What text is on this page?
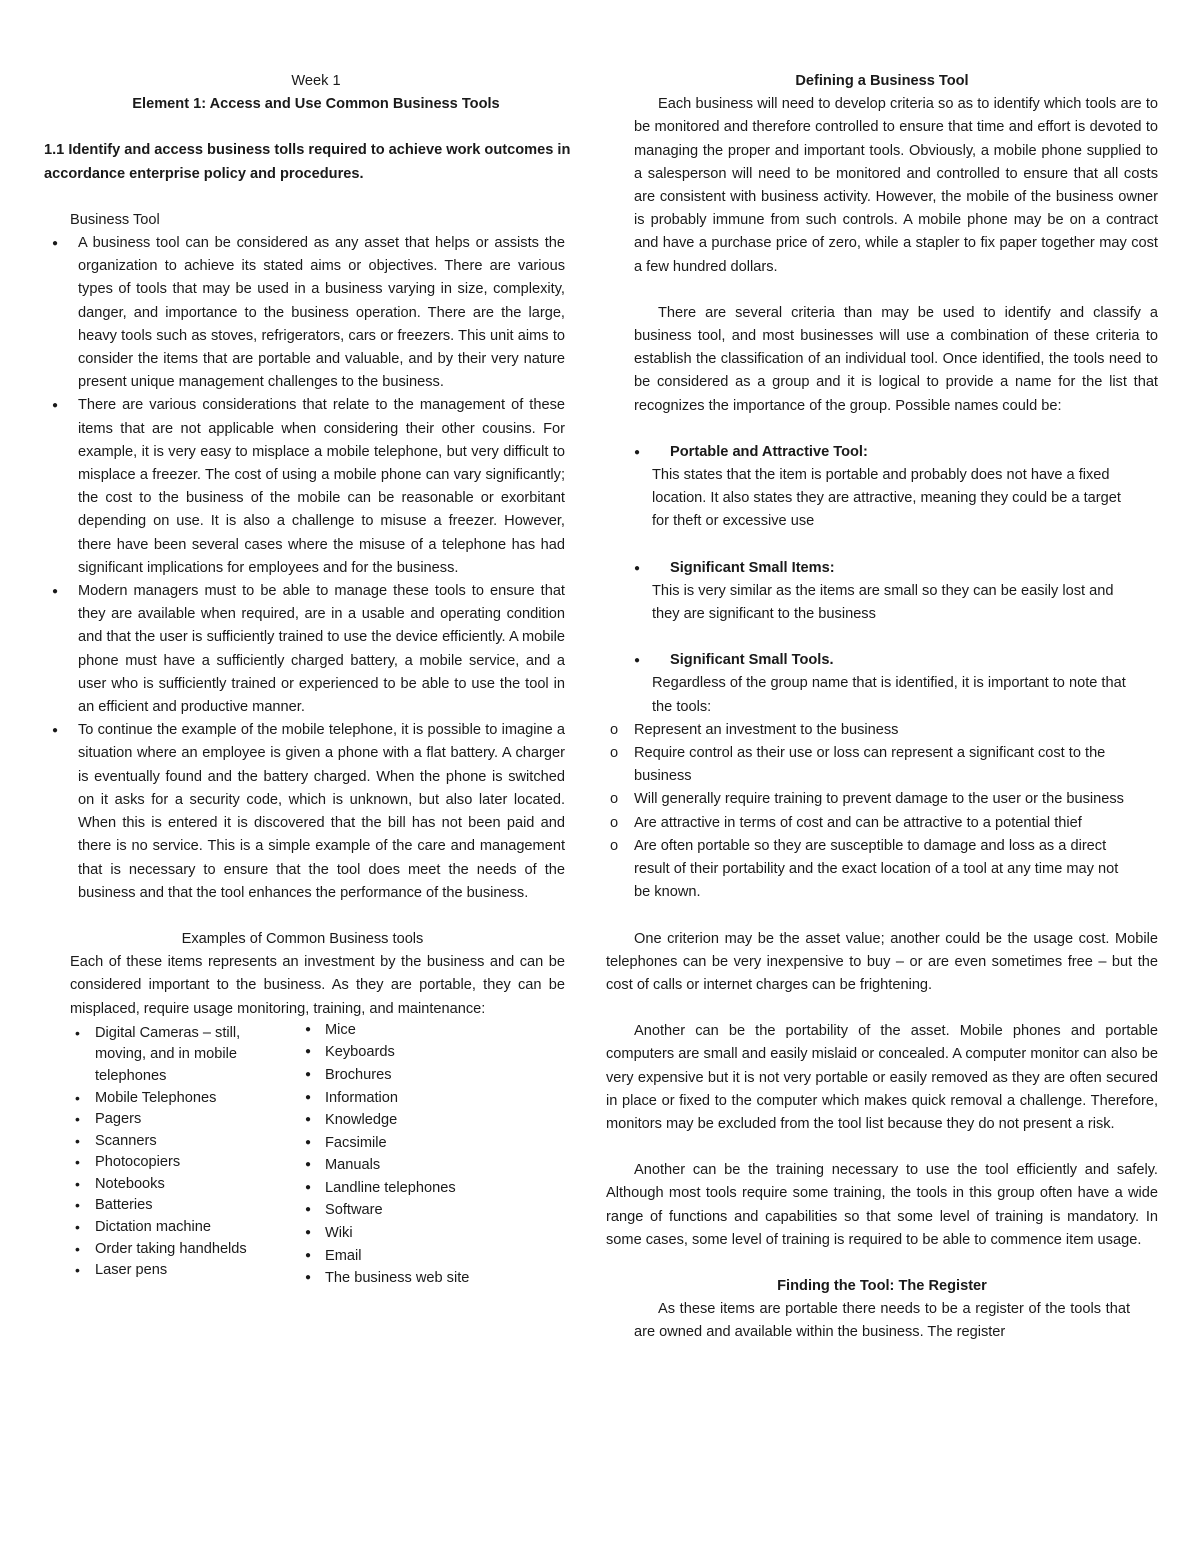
Week 1

Element 1: Access and Use Common Business Tools

1.1 Identify and access business tolls required to achieve work outcomes in

accordance enterprise policy and procedures.

Business Tool

● A business tool can be considered as any asset that helps or assists the organization to achieve its stated aims or objectives. There are various types of tools that may be used in a business varying in size, complexity, danger, and importance to the business operation. There are the large, heavy tools such as stoves, refrigerators, cars or freezers. This unit aims to consider the items that are portable and valuable, and by their very nature present unique management challenges to the business.
● There are various considerations that relate to the management of these items that are not applicable when considering their other cousins. For example, it is very easy to misplace a mobile telephone, but very difficult to misplace a freezer. The cost of using a mobile phone can vary significantly; the cost to the business of the mobile can be reasonable or exorbitant depending on use. It is also a challenge to misuse a freezer. However, there have been several cases where the misuse of a telephone has had significant implications for employees and for the business.
● Modern managers must to be able to manage these tools to ensure that they are available when required, are in a usable and operating condition and that the user is sufficiently trained to use the device efficiently. A mobile phone must have a sufficiently charged battery, a mobile service, and a user who is sufficiently trained or experienced to be able to use the tool in an efficient and productive manner.
● To continue the example of the mobile telephone, it is possible to imagine a situation where an employee is given a phone with a flat battery. A charger is eventually found and the battery charged. When the phone is switched on it asks for a security code, which is unknown, but also later located. When this is entered it is discovered that the bill has not been paid and there is no service. This is a simple example of the care and management that is necessary to ensure that the tool does meet the needs of the business and that the tool enhances the performance of the business.

Examples of Common Business tools

Each of these items represents an investment by the business and can be considered important to the business. As they are portable, they can be misplaced, require usage monitoring, training, and maintenance:

• Digital Cameras – still, moving, and in mobile telephones
• Mobile Telephones
• Pagers
• Scanners
• Photocopiers
• Notebooks
• Batteries
• Dictation machine
• Order taking handhelds
• Laser pens
● Mice
● Keyboards
● Brochures
● Information
● Knowledge
● Facsimile
● Manuals
● Landline telephones
● Software
● Wiki
● Email
● The business web site

Defining a Business Tool

Each business will need to develop criteria so as to identify which tools are to be monitored and therefore controlled to ensure that time and effort is devoted to managing the proper and important tools. Obviously, a mobile phone supplied to a salesperson will need to be monitored and controlled to ensure that all costs are consistent with business activity. However, the mobile of the business owner is probably immune from such controls. A mobile phone may be on a contract and have a purchase price of zero, while a stapler to fix paper together may cost a few hundred dollars.

There are several criteria than may be used to identify and classify a business tool, and most businesses will use a combination of these criteria to establish the classification of an individual tool. Once identified, the tools need to be considered as a group and it is logical to provide a name for the list that recognizes the importance of the group. Possible names could be:

● Portable and Attractive Tool:

This states that the item is portable and probably does not have a fixed location. It also states they are attractive, meaning they could be a target for theft or excessive use

● Significant Small Items:

This is very similar as the items are small so they can be easily lost and they are significant to the business

● Significant Small Tools.

Regardless of the group name that is identified, it is important to note that the tools:

o Represent an investment to the business
o Require control as their use or loss can represent a significant cost to the business
o Will generally require training to prevent damage to the user or the business
o Are attractive in terms of cost and can be attractive to a potential thief
o Are often portable so they are susceptible to damage and loss as a direct result of their portability and the exact location of a tool at any time may not be known.

One criterion may be the asset value; another could be the usage cost. Mobile telephones can be very inexpensive to buy – or are even sometimes free – but the cost of calls or internet charges can be frightening.

Another can be the portability of the asset. Mobile phones and portable computers are small and easily mislaid or concealed. A computer monitor can also be very expensive but it is not very portable or easily removed as they are often secured in place or fixed to the computer which makes quick removal a challenge. Therefore, monitors may be excluded from the tool list because they do not present a risk.

Another can be the training necessary to use the tool efficiently and safely. Although most tools require some training, the tools in this group often have a wide range of functions and capabilities so that some level of training is mandatory. In some cases, some level of training is required to be able to commence item usage.

Finding the Tool: The Register

As these items are portable there needs to be a register of the tools that are owned and available within the business. The register
